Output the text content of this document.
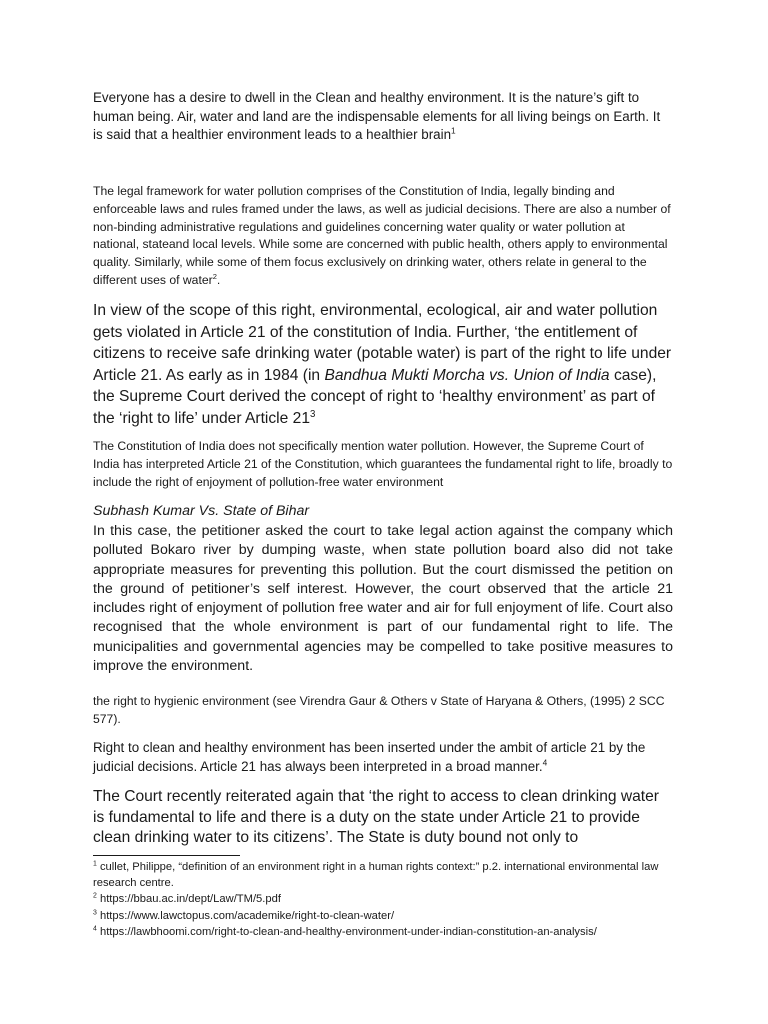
Everyone has a desire to dwell in the Clean and healthy environment. It is the nature’s gift to human being. Air, water and land are the indispensable elements for all living beings on Earth. It is said that a healthier environment leads to a healthier brain$^1$

The legal framework for water pollution comprises of the Constitution of India, legally binding and enforceable laws and rules framed under the laws, as well as judicial decisions. There are also a number of non-binding administrative regulations and guidelines concerning water quality or water pollution at national, stateand local levels. While some are concerned with public health, others apply to environmental quality. Similarly, while some of them focus exclusively on drinking water, others relate in general to the different uses of water$^2$.

In view of the scope of this right, environmental, ecological, air and water pollution gets violated in Article 21 of the constitution of India. Further, ‘the entitlement of citizens to receive safe drinking water (potable water) is part of the right to life under Article 21. As early as in 1984 (in Bandhua Mukti Morcha vs. Union of India case), the Supreme Court derived the concept of right to ‘healthy environment’ as part of the ‘right to life’ under Article $21^3$

The Constitution of India does not specifically mention water pollution. However, the Supreme Court of India has interpreted Article 21 of the Constitution, which guarantees the fundamental right to life, broadly to include the right of enjoyment of pollution-free water environment

Subhash Kumar Vs. State of Bihar

In this case, the petitioner asked the court to take legal action against the company which polluted Bokaro river by dumping waste, when state pollution board also did not take appropriate measures for preventing this pollution. But the court dismissed the petition on the ground of petitioner’s self interest. However, the court observed that the article 21 includes right of enjoyment of pollution free water and air for full enjoyment of life. Court also recognised that the whole environment is part of our fundamental right to life. The municipalities and governmental agencies may be compelled to take positive measures to improve the environment.

the right to hygienic environment (see Virendra Gaur & Others v State of Haryana & Others, (1995) 2 SCC 577).

Right to clean and healthy environment has been inserted under the ambit of article 21 by the judicial decisions. Article 21 has always been interpreted in a broad manner.$^4$

The Court recently reiterated again that ‘the right to access to clean drinking water is fundamental to life and there is a duty on the state under Article 21 to provide clean drinking water to its citizens’. The State is duty bound not only to

$^1$ cullet, Philippe, “definition of an environment right in a human rights context:” p.2. international environmental law research centre.

$^2$ https://bbau.ac.in/dept/Law/TM/5.pdf

$^3$ https://www.lawctopus.com/academike/right-to-clean-water/

$^4$ https://lawbhoomi.com/right-to-clean-and-healthy-environment-under-indian-constitution-an-analysis/
